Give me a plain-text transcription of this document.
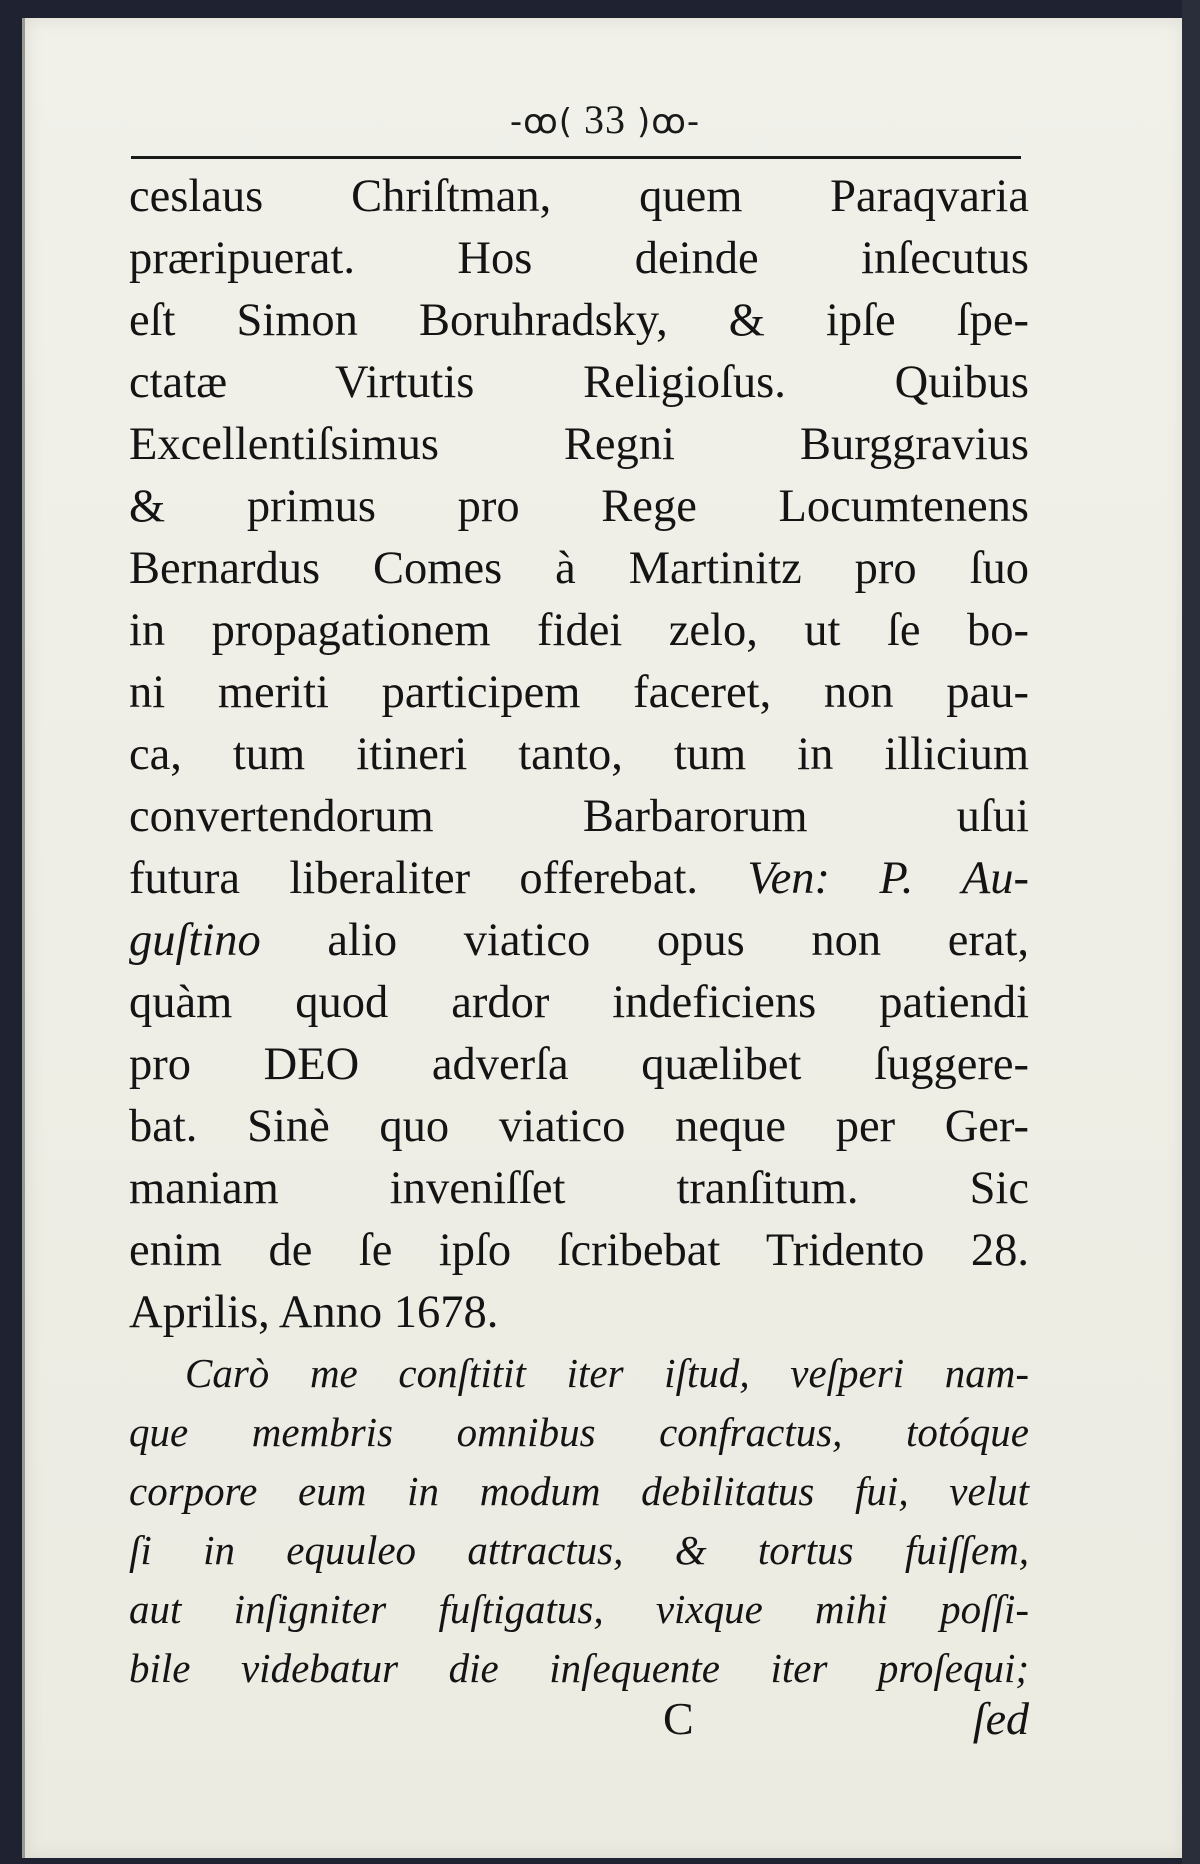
-ꝏ( 33 )ꝏ-
ceslaus Chriſtman, quem Paraqvaria
præripuerat. Hos deinde inſecutus
eſt Simon Boruhradsky, & ipſe ſpe-
ctatæ Virtutis Religioſus. Quibus
Excellentiſsimus Regni Burggravius
& primus pro Rege Locumtenens
Bernardus Comes à Martinitz pro ſuo
in propagationem fidei zelo, ut ſe bo-
ni meriti participem faceret, non pau-
ca, tum itineri tanto, tum in illicium
convertendorum Barbarorum uſui
futura liberaliter offerebat. Ven: P. Au-
guſtino alio viatico opus non erat,
quàm quod ardor indeficiens patiendi
pro DEO adverſa quælibet ſuggere-
bat. Sinè quo viatico neque per Ger-
maniam inveniſſet tranſitum. Sic
enim de ſe ipſo ſcribebat Tridento 28.
Aprilis, Anno 1678.
Carò me conſtitit iter iſtud, veſperi nam-
que membris omnibus confractus, totóque
corpore eum in modum debilitatus fui, velut
ſi in equuleo attractus, & tortus fuiſſem,
aut inſigniter fuſtigatus, vixque mihi poſſi-
bile videbatur die inſequente iter proſequi;
C	ſed
